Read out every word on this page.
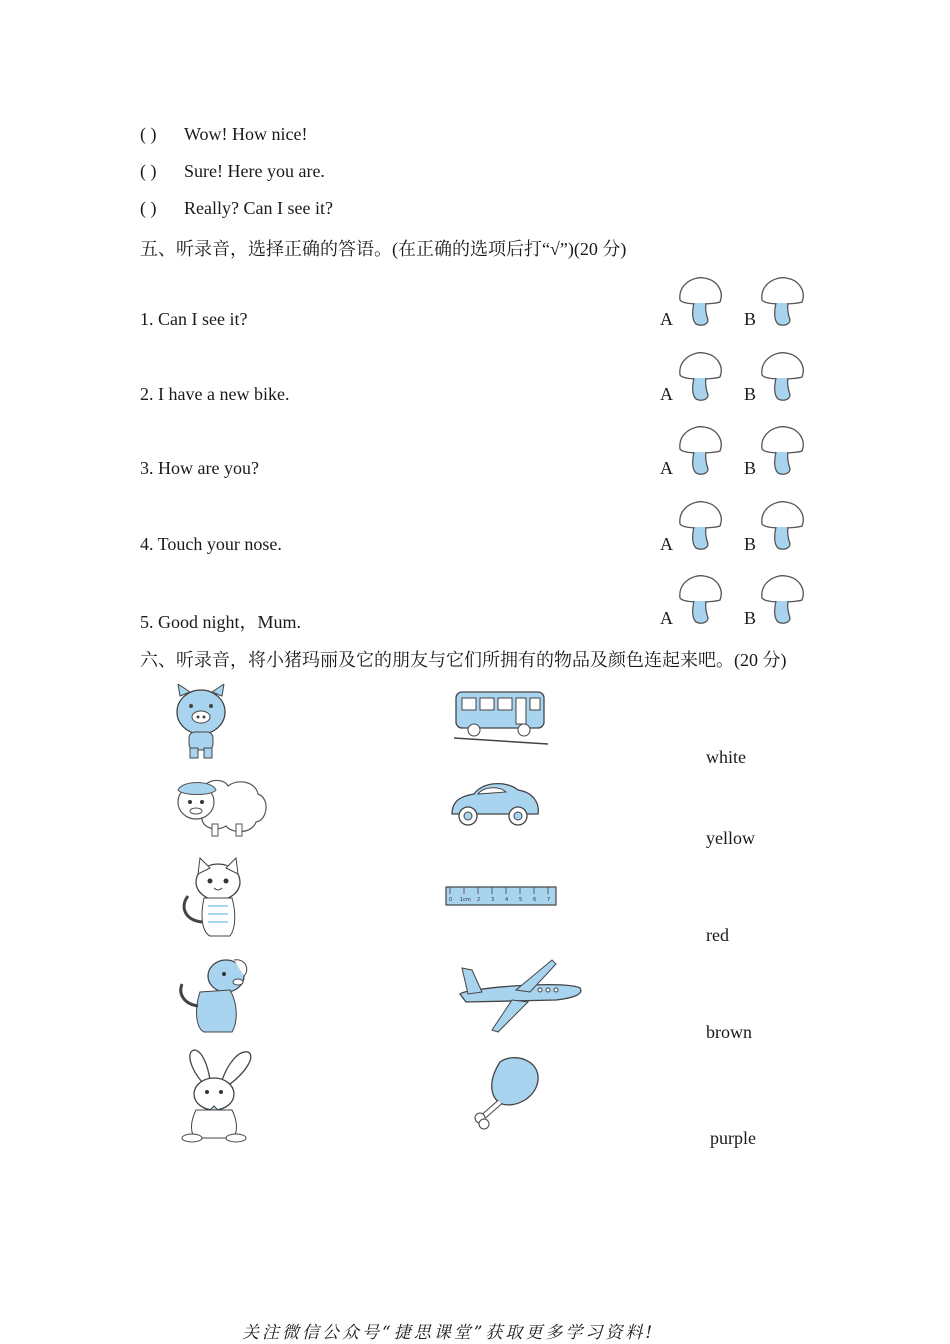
( ) Wow! How nice!
( ) Sure! Here you are.
( ) Really? Can I see it?
五、听录音，选择正确的答语。(在正确的选项后打“√”)(20 分)
1. Can I see it?	A	B
2. I have a new bike.	A	B
3. How are you?	A	B
4. Touch your nose.	A	B
5. Good night，Mum.	A	B
六、听录音，将小猪玛丽及它的朋友与它们所拥有的物品及颜色连起来吧。(20 分)
0 1cm 2 3 4 5 6 7
white
yellow
red
brown
purple
关注微信公众号“捷思课堂”获取更多学习资料!
